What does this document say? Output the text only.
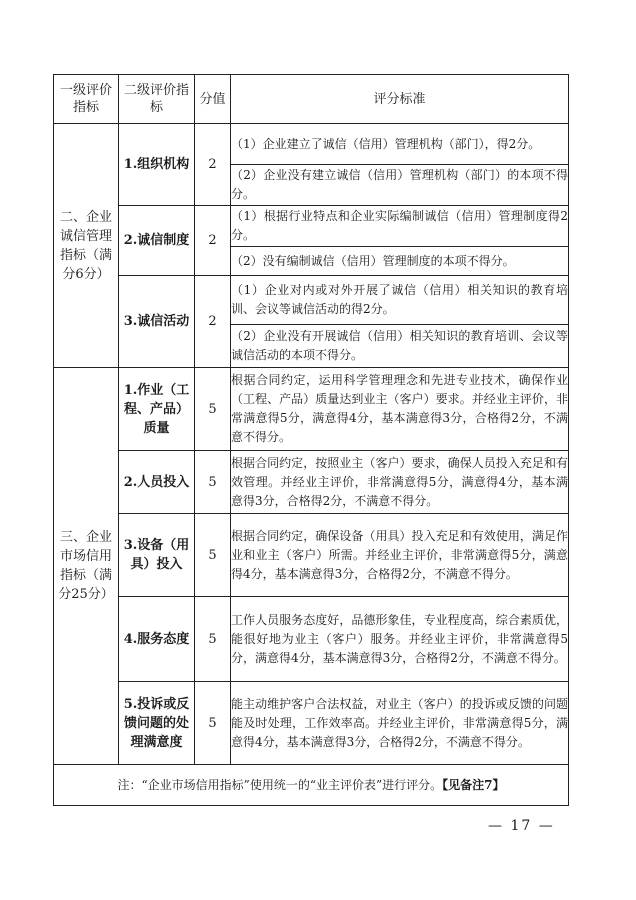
一级评价指标	二级评价指标	分值	评分标准
二、企业诚信管理指标（满分6分）	1.组织机构	2	（1）企业建立了诚信（信用）管理机构（部门），得2分。
			（2）企业没有建立诚信（信用）管理机构（部门）的本项不得分。
	2.诚信制度	2	（1）根据行业特点和企业实际编制诚信（信用）管理制度得2分。
			（2）没有编制诚信（信用）管理制度的本项不得分。
	3.诚信活动	2	（1）企业对内或对外开展了诚信（信用）相关知识的教育培训、会议等诚信活动的得2分。
			（2）企业没有开展诚信（信用）相关知识的教育培训、会议等诚信活动的本项不得分。
三、企业市场信用指标（满分25分）	1.作业（工程、产品）质量	5	根据合同约定，运用科学管理理念和先进专业技术，确保作业（工程、产品）质量达到业主（客户）要求。并经业主评价，非常满意得5分，满意得4分，基本满意得3分，合格得2分，不满意不得分。
	2.人员投入	5	根据合同约定，按照业主（客户）要求，确保人员投入充足和有效管理。并经业主评价，非常满意得5分，满意得4分，基本满意得3分，合格得2分，不满意不得分。
	3.设备（用具）投入	5	根据合同约定，确保设备（用具）投入充足和有效使用，满足作业和业主（客户）所需。并经业主评价，非常满意得5分，满意得4分，基本满意得3分，合格得2分，不满意不得分。
	4.服务态度	5	工作人员服务态度好，品德形象佳，专业程度高，综合素质优，能很好地为业主（客户）服务。并经业主评价，非常满意得5分，满意得4分，基本满意得3分，合格得2分，不满意不得分。
	5.投诉或反馈问题的处理满意度	5	能主动维护客户合法权益，对业主（客户）的投诉或反馈的问题能及时处理，工作效率高。并经业主评价，非常满意得5分，满意得4分，基本满意得3分，合格得2分，不满意不得分。
注：“企业市场信用指标”使用统一的“业主评价表”进行评分。【见备注7】			
— 17 —
